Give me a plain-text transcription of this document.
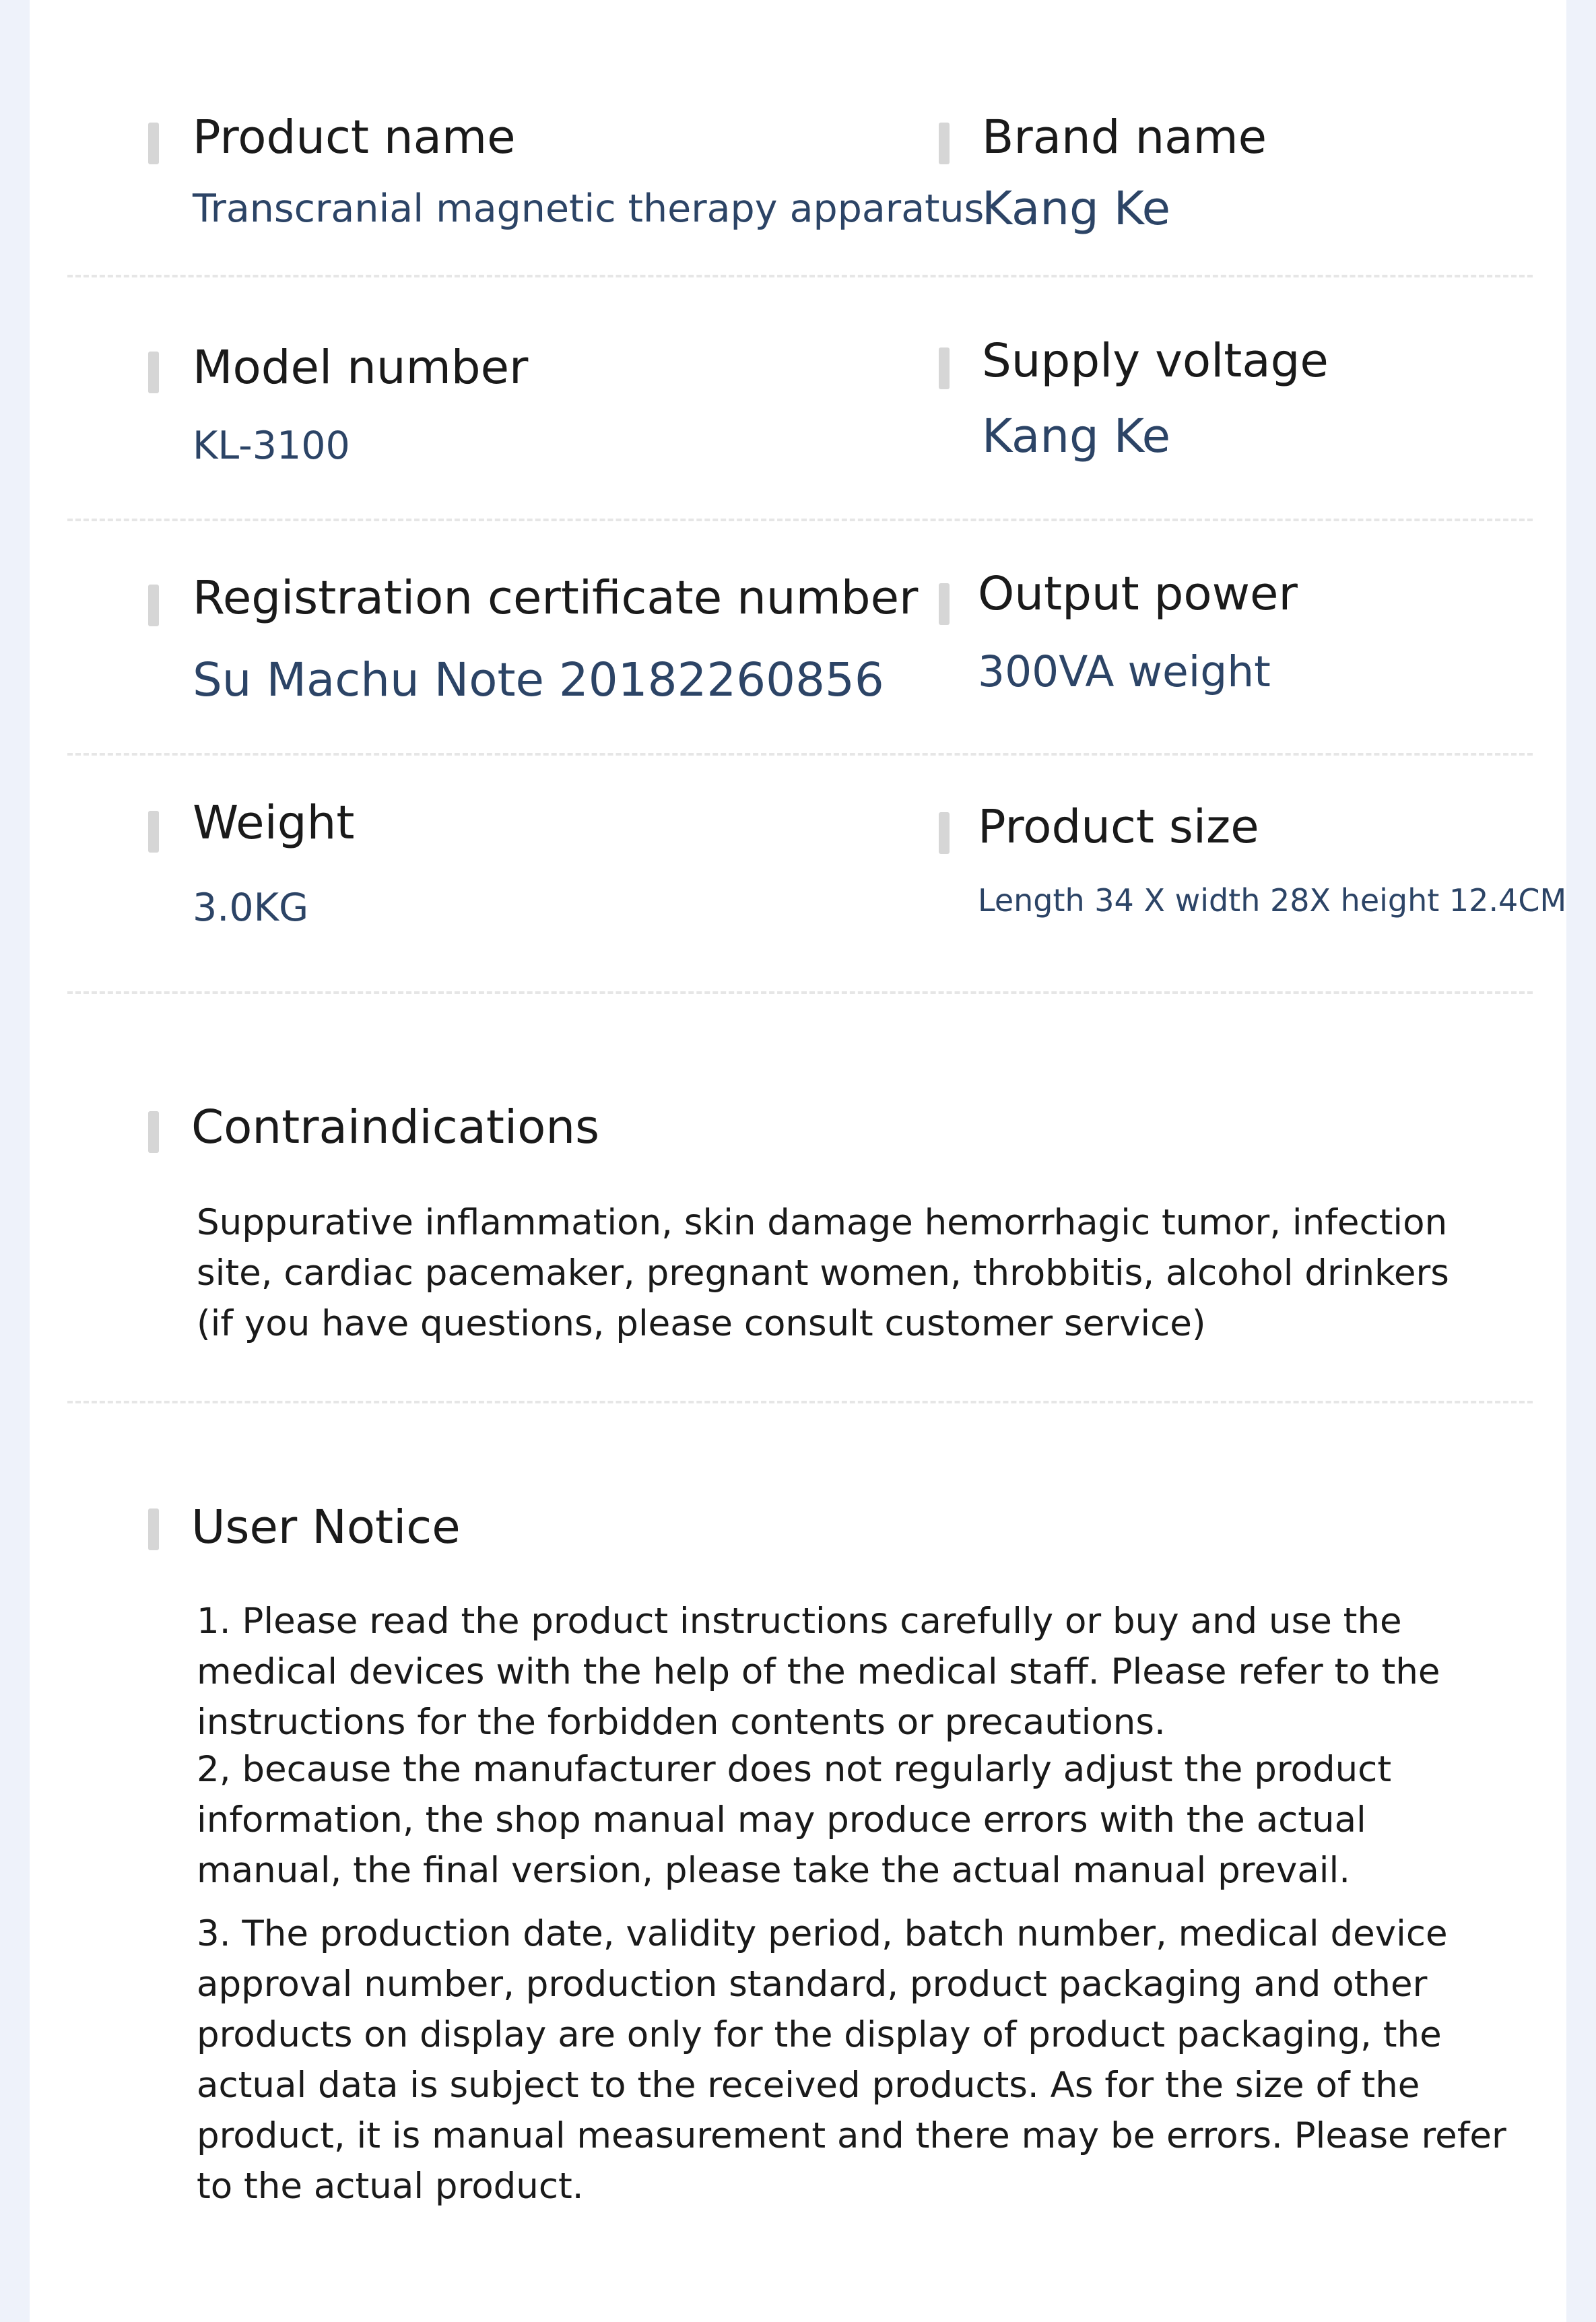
Product name
Transcranial magnetic therapy apparatus
Brand name
Kang Ke
Model number
KL-3100
Supply voltage
Kang Ke
Registration certificate number
Su Machu Note 20182260856
Output power
300VA weight
Weight
3.0KG
Product size
Length 34 X width 28X height 12.4CM
Contraindications
Suppurative inflammation, skin damage hemorrhagic tumor, infection site, cardiac pacemaker, pregnant women, throbbitis, alcohol drinkers (if you have questions, please consult customer service)
User Notice
1. Please read the product instructions carefully or buy and use the medical devices with the help of the medical staff. Please refer to the instructions for the forbidden contents or precautions.
2, because the manufacturer does not regularly adjust the product information, the shop manual may produce errors with the actual manual, the final version, please take the actual manual prevail.
3. The production date, validity period, batch number, medical device approval number, production standard, product packaging and other products on display are only for the display of product packaging, the actual data is subject to the received products. As for the size of the product, it is manual measurement and there may be errors. Please refer to the actual product.
